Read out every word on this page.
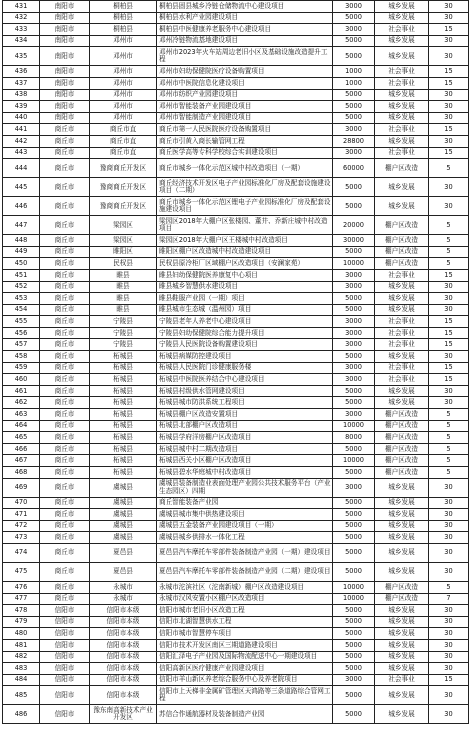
431	南阳市	桐柏县	桐柏县固县城乡冷链仓储物流中心建设项目	3000	城乡发展	30
432	南阳市	桐柏县	桐柏县水利产业园建设项目	5000	城乡发展	30
433	南阳市	桐柏县	桐柏县中医健康养老服务中心建设项目	3000	社会事业	15
434	南阳市	邓州市	邓州冷链物流基地建设项目	5000	城乡发展	30
435	南阳市	邓州市	邓州市2023年火车站周边老旧小区及基础设施改造提升工程	5000	城乡发展	30
436	南阳市	邓州市	邓州市妇幼保健院医疗设备购置项目	1000	社会事业	15
437	南阳市	邓州市	邓州市中医院信息化建设项目	1000	社会事业	15
438	南阳市	邓州市	邓州市纺织产业园建设项目	5000	城乡发展	30
439	南阳市	邓州市	邓州市智能装备产业园建设项目	5000	城乡发展	30
440	南阳市	邓州市	邓州市智能制造产业园建设项目	5000	城乡发展	30
441	商丘市	商丘市直	商丘市第一人民医院医疗设备购置项目	3000	社会事业	15
442	商丘市	商丘市直	商丘市引黄入商长输管网工程	28800	城乡发展	30
443	商丘市	商丘市直	商丘医学高等专科学校综合实训建设项目	3000	社会事业	15
444	商丘市	豫商商丘开发区	商丘市城乡一体化示范区城中村改造项目（一期）	60000	棚户区改造	5
445	商丘市	豫商商丘开发区	商丘经济技术开发区电子产业园标准化厂房及配套设施建设项目（二期）	5000	城乡发展	30
446	商丘市	豫商商丘开发区	商丘市城乡一体化示范区锂电子产业园标准化厂房及配套设施建设项目	5000	城乡发展	30
447	商丘市	梁园区	梁园区2018年大棚户区张楼园、董井、乔新庄城中村改造项目	20000	棚户区改造	5
448	商丘市	梁园区	梁园区2018年大棚户区王楼城中村改造项目	30000	棚户区改造	5
449	商丘市	睢阳区	睢阳区棚户区改造城中村改造建设项目	5000	棚户区改造	5
450	商丘市	民权县	民权县原冷柜厂区域棚户区改造项目（安澜家苑）	10000	棚户区改造	5
451	商丘市	睢县	睢县妇幼保健院医养康复中心项目	3000	社会事业	15
452	商丘市	睢县	睢县城乡智慧供水建设项目	3000	城乡发展	30
453	商丘市	睢县	睢县鞋服产业园（一期）项目	5000	城乡发展	30
454	商丘市	睢县	睢县城市生态城（温州园）项目	5000	城乡发展	30
455	商丘市	宁陵县	宁陵县老年人养老中心建设项目	3000	社会事业	15
456	商丘市	宁陵县	宁陵县妇幼保健院综合能力提升项目	3000	社会事业	15
457	商丘市	宁陵县	宁陵县人民医院设备购置建设项目	3000	社会事业	15
458	商丘市	柘城县	柘城县病媒防控建设项目	5000	城乡发展	30
459	商丘市	柘城县	柘城县人民医院门诊健康服务楼	3000	社会事业	15
460	商丘市	柘城县	柘城县中医院医养结合中心建设项目	3000	社会事业	15
461	商丘市	柘城县	柘城县村级供水管网建设项目	5000	城乡发展	30
462	商丘市	柘城县	柘城县城市防洪系统工程项目	5000	城乡发展	30
463	商丘市	柘城县	柘城县棚户区改造安置项目	3000	棚户区改造	5
464	商丘市	柘城县	柘城县北部棚户区改造项目	10000	棚户区改造	5
465	商丘市	柘城县	柘城县学府洋房棚户区改造项目	8000	棚户区改造	5
466	商丘市	柘城县	柘城县城中村二期改造项目	5000	棚户区改造	5
467	商丘市	柘城县	柘城县西关小区棚户区改造项目	10000	棚户区改造	5
468	商丘市	柘城县	柘城县碧水华庭城中村改造项目	5000	棚户区改造	5
469	商丘市	虞城县	虞城县装备制造业表面处理产业园公共技术服务平台（产业生态园区）四期	3000	城乡发展	30
470	商丘市	虞城县	商丘智能装备产业园	5000	城乡发展	30
471	商丘市	虞城县	虞城县城市集中供热建设项目	5000	城乡发展	30
472	商丘市	虞城县	虞城县五金装备产业园建设项目（一期）	5000	城乡发展	30
473	商丘市	虞城县	虞城县城乡供排水一体化工程	5000	城乡发展	30
474	商丘市	夏邑县	夏邑县汽车摩托车零部件装备制造产业园（一期）建设项目	5000	城乡发展	30
475	商丘市	夏邑县	夏邑县汽车摩托车零部件装备制造产业园（二期）建设项目	5000	城乡发展	30
476	商丘市	永城市	永城市沱滨社区（沱南新城）棚户区改造建设项目	10000	棚户区改造	5
477	商丘市	永城市	永城市汉风安置小区棚户区改造项目	10000	棚户区改造	7
478	信阳市	信阳市本级	信阳市城市老旧小区改造工程	5000	城乡发展	30
479	信阳市	信阳市本级	信阳市北湖智慧供水工程	5000	城乡发展	30
480	信阳市	信阳市本级	信阳市城市智慧停车项目	5000	城乡发展	30
481	信阳市	信阳市本级	信阳市技术开发区南区三期道路建设项目	5000	城乡发展	30
482	信阳市	信阳市本级	信阳汇泽电子产业园及国际物流配送中心一期建设项目	5000	城乡发展	30
483	信阳市	信阳市本级	信阳高新区医疗健康产业园建设项目	5000	城乡发展	30
484	信阳市	信阳市本级	信阳市羊山新区养老综合服务中心及养老院项目	3000	社会事业	15
485	信阳市	信阳市本级	信阳市上天梯非金属矿管理区天鸿路等三条道路综合管网工程	5000	城乡发展	30
486	信阳市	豫东南高新技术产业开发区	苏信合作通航器材及装备制造产业园	5000	城乡发展	30
